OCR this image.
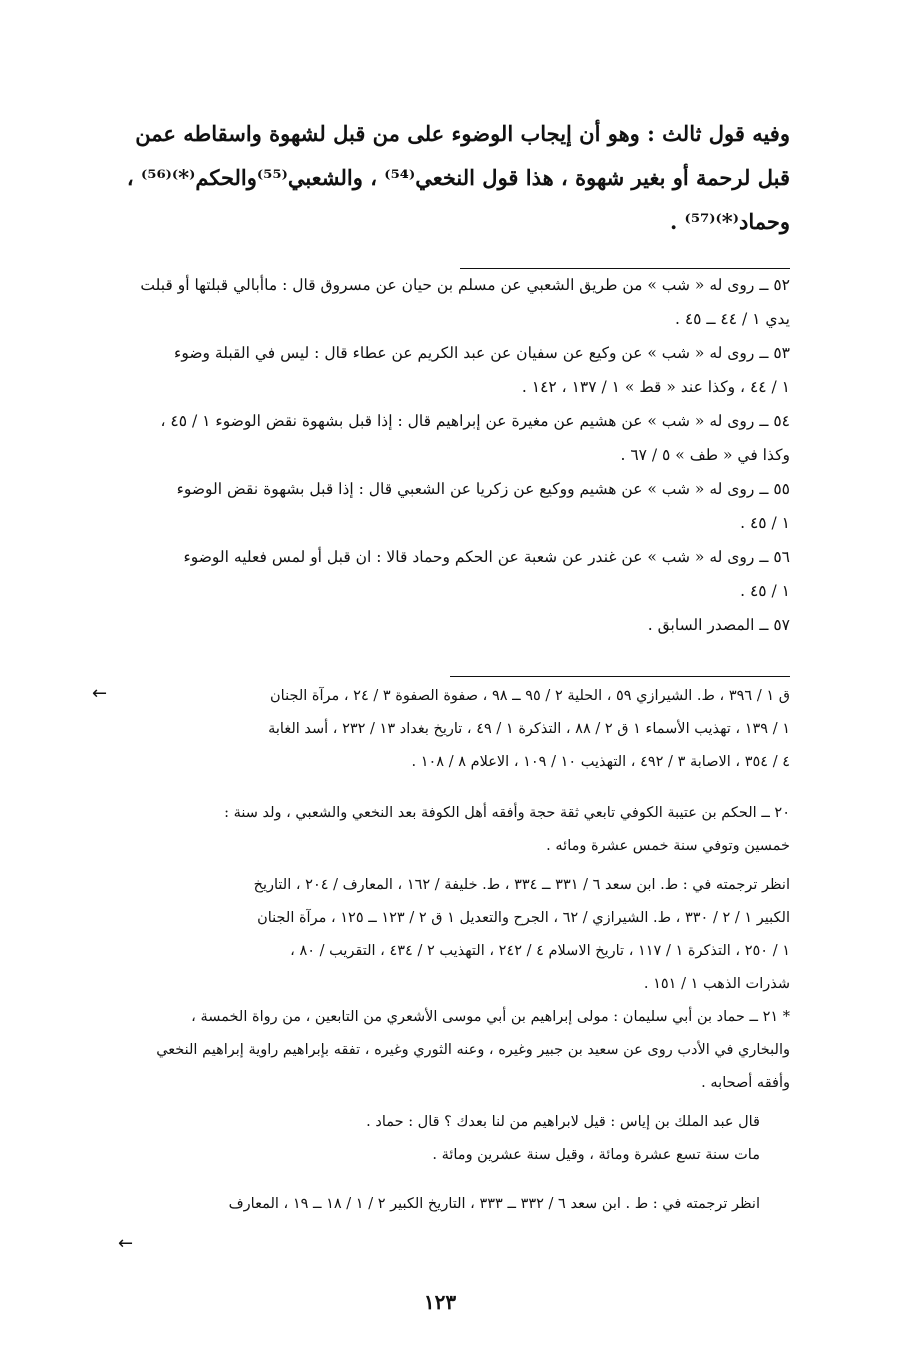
وفيه قول ثالث : وهو أن إيجاب الوضوء على من قبل لشهوة واسقاطه عمن
قبل لرحمة أو بغير شهوة ، هذا قول النخعي⁽⁵⁴⁾ ، والشعبي⁽⁵⁵⁾والحكم⁽*⁾⁽⁵⁶⁾ ،
وحماد⁽*⁾⁽⁵⁷⁾ .

٥٢ ــ روى له « شب » من طريق الشعبي عن مسلم بن حيان عن مسروق قال : ماأبالي قبلتها أو قبلت

يدي ١ / ٤٤ ــ ٤٥ .

٥٣ ــ روى له « شب » عن وكيع عن سفيان عن عبد الكريم عن عطاء قال : ليس في القبلة وضوء

١ / ٤٤ ، وكذا عند « قط » ١ / ١٣٧ ، ١٤٢ .

٥٤ ــ روى له « شب » عن هشيم عن مغيرة عن إبراهيم قال : إذا قبل بشهوة نقض الوضوء ١ / ٤٥ ،

وكذا في « طف » ٥ / ٦٧ .

٥٥ ــ روى له « شب » عن هشيم ووكيع عن زكريا عن الشعبي قال : إذا قبل بشهوة نقض الوضوء

١ / ٤٥ .

٥٦ ــ روى له « شب » عن غندر عن شعبة عن الحكم وحماد قالا : ان قبل أو لمس فعليه الوضوء

١ / ٤٥ .

٥٧ ــ المصدر السابق .

←	ق ١ / ٣٩٦ ، ط. الشيرازي ٥٩ ، الحلية ٢ / ٩٥ ــ ٩٨ ، صفوة الصفوة ٣ / ٢٤ ، مرآة الجنان

١ / ١٣٩ ، تهذيب الأسماء ١ ق ٢ / ٨٨ ، التذكرة ١ / ٤٩ ، تاريخ بغداد ١٣ / ٢٣٢ ، أسد الغابة

٤ / ٣٥٤ ، الاصابة ٣ / ٤٩٢ ، التهذيب ١٠ / ١٠٩ ، الاعلام ٨ / ١٠٨ .

٢٠ ــ الحكم بن عتيبة الكوفي تابعي ثقة حجة وأفقه أهل الكوفة بعد النخعي والشعبي ، ولد سنة :

خمسين وتوفي سنة خمس عشرة ومائه .

انظر ترجمته في : ط. ابن سعد ٦ / ٣٣١ ــ ٣٣٤ ، ط. خليفة / ١٦٢ ، المعارف / ٢٠٤ ، التاريخ

الكبير ١ / ٢ / ٣٣٠ ، ط. الشيرازي / ٦٢ ، الجرح والتعديل ١ ق ٢ / ١٢٣ ــ ١٢٥ ، مرآة الجنان

١ / ٢٥٠ ، التذكرة ١ / ١١٧ ، تاريخ الاسلام ٤ / ٢٤٢ ، التهذيب ٢ / ٤٣٤ ، التقريب / ٨٠ ،

شذرات الذهب ١ / ١٥١ .

* ٢١ ــ حماد بن أبي سليمان : مولى إبراهيم بن أبي موسى الأشعري من التابعين ، من رواة الخمسة ،

والبخاري في الأدب روى عن سعيد بن جبير وغيره ، وعنه الثوري وغيره ، تفقه بإبراهيم راوية إبراهيم النخعي

وأفقه أصحابه .

قال عبد الملك بن إياس : قيل لابراهيم من لنا بعدك ؟ قال : حماد .

مات سنة تسع عشرة ومائة ، وقيل سنة عشرين ومائة .

انظر ترجمته في : ط . ابن سعد ٦ / ٣٣٢ ــ ٣٣٣ ، التاريخ الكبير ٢ / ١ / ١٨ ــ ١٩ ، المعارف

←
١٢٣
